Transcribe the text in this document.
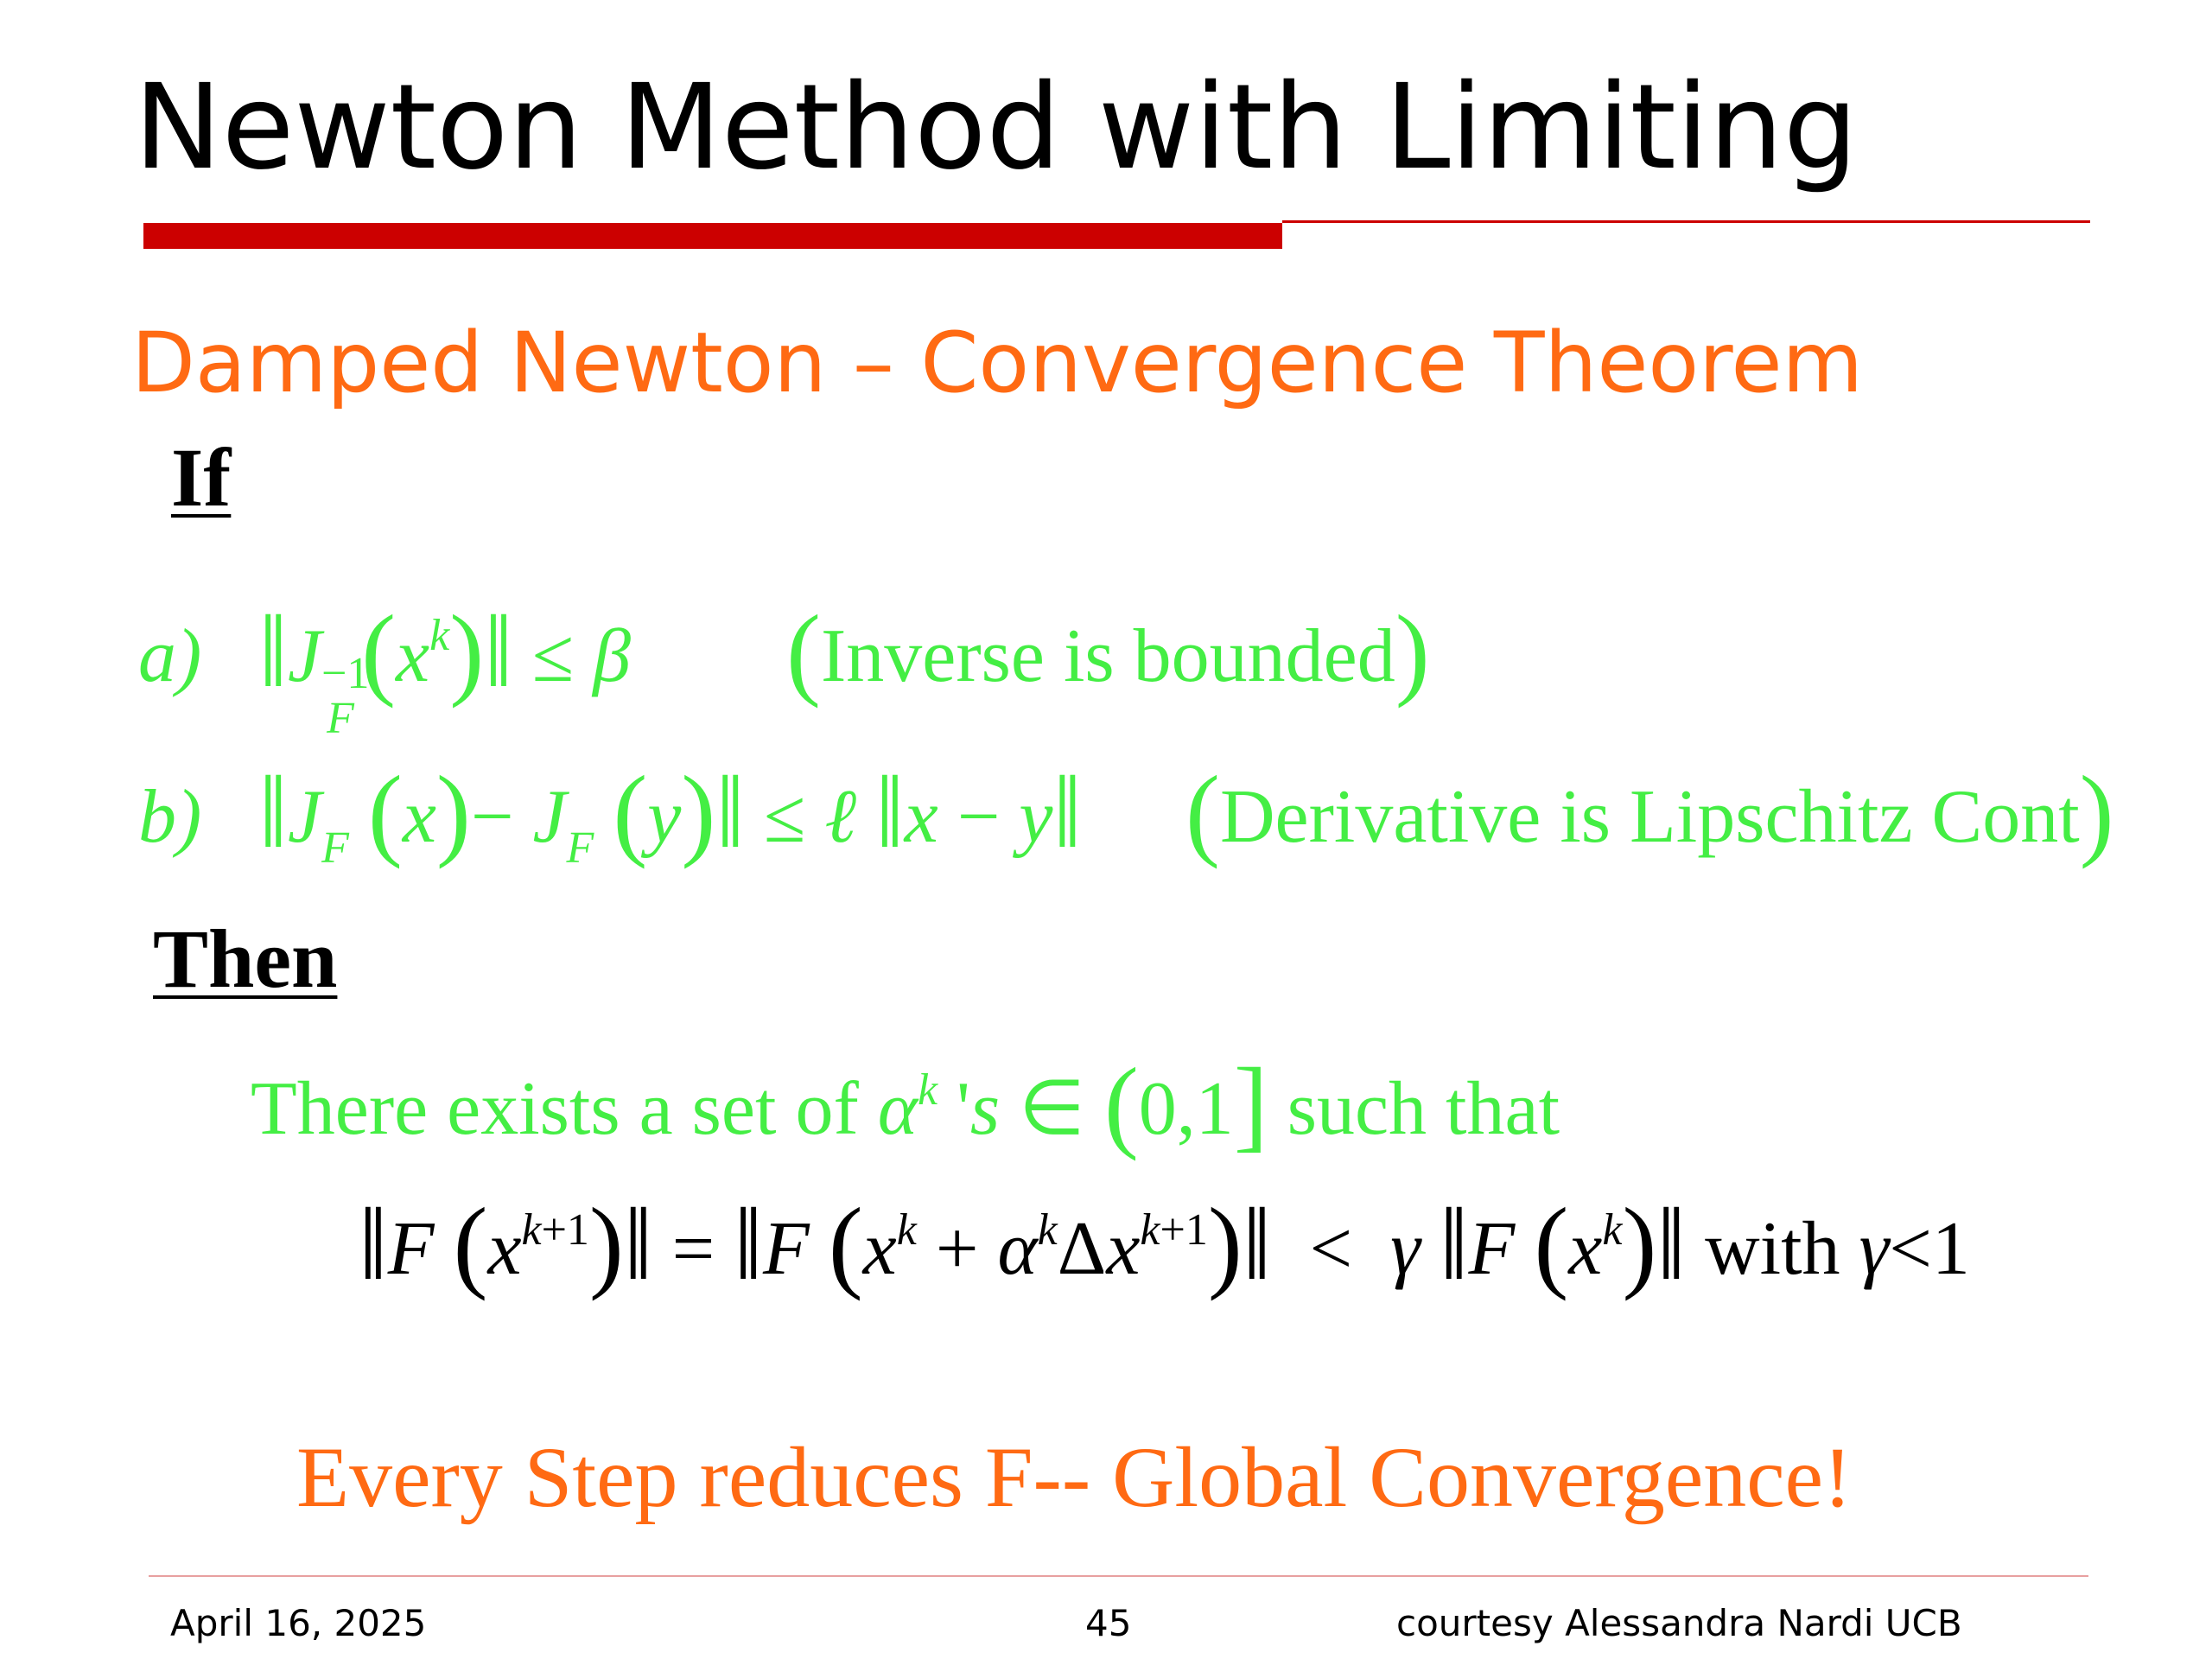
Newton Method with Limiting
Damped Newton – Convergence Theorem
If
a) ‖J −1
F
$(x^k)‖ \le \beta$ (Inverse is bounded)
b) $‖J_F$ $(x)- J_F$ (y)‖ ≤ ℓ ‖x − y‖ (Derivative is Lipschitz Cont)
Then
There exists a set of $\alpha^k$ 's ∈ (0,1] such that
‖F $(x^{k+1})‖$ = ‖F ($x^k$ + $\alpha^k\Delta x^{k+1})‖ < \gamma$ ‖F $(x^k)‖$ with γ<1
Every Step reduces F-- Global Convergence!
April 16, 2025	45	courtesy Alessandra Nardi UCB
